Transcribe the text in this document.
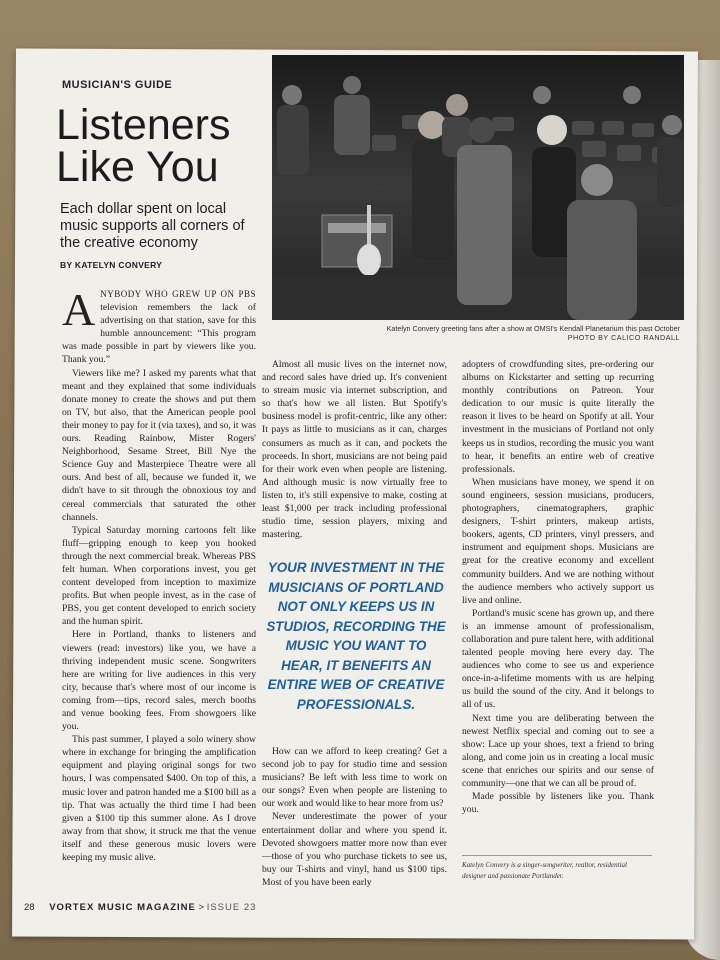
MUSICIAN'S GUIDE
Listeners Like You
Each dollar spent on local music supports all corners of the creative economy
BY KATELYN CONVERY
Katelyn Convery greeting fans after a show at OMSI's Kendall Planetarium this past October
PHOTO BY CALICO RANDALL

ANYBODY WHO GREW UP ON PBS television remembers the lack of advertising on that station, save for this humble announcement: “This program was made possible in part by viewers like you. Thank you.”

Viewers like me? I asked my parents what that meant and they explained that some individuals donate money to create the shows and put them on TV, but also, that the American people pool their money to pay for it (via taxes), and so, it was ours. Reading Rainbow, Mister Rogers' Neighborhood, Sesame Street, Bill Nye the Science Guy and Masterpiece Theatre were all ours. And best of all, because we funded it, we didn't have to sit through the obnoxious toy and cereal commercials that saturated the other channels.

Typical Saturday morning cartoons felt like fluff—gripping enough to keep you hooked through the next commercial break. Whereas PBS felt human. When corporations invest, you get content developed from inception to maximize profits. But when people invest, as in the case of PBS, you get content developed to enrich society and the human spirit.

Here in Portland, thanks to listeners and viewers (read: investors) like you, we have a thriving independent music scene. Songwriters here are writing for live audiences in this very city, because that's where most of our income is coming from—tips, record sales, merch booths and venue booking fees. From showgoers like you.

This past summer, I played a solo winery show where in exchange for bringing the amplification equipment and playing original songs for two hours, I was compensated $400. On top of this, a music lover and patron handed me a $100 bill as a tip. That was actually the third time I had been given a $100 tip this summer alone. As I drove away from that show, it struck me that the venue itself and these generous music lovers were keeping my music alive.

Almost all music lives on the internet now, and record sales have dried up. It's convenient to stream music via internet subscription, and so that's how we all listen. But Spotify's business model is profit-centric, like any other: It pays as little to musicians as it can, charges consumers as much as it can, and pockets the proceeds. In short, musicians are not being paid for their work even when people are listening. And although music is now virtually free to listen to, it's still expensive to make, costing at least $1,000 per track including professional studio time, session players, mixing and mastering.

YOUR INVESTMENT IN THE MUSICIANS OF PORTLAND NOT ONLY KEEPS US IN STUDIOS, RECORDING THE MUSIC YOU WANT TO HEAR, IT BENEFITS AN ENTIRE WEB OF CREATIVE PROFESSIONALS.

How can we afford to keep creating? Get a second job to pay for studio time and session musicians? Be left with less time to work on our songs? Even when people are listening to our work and would like to hear more from us?

Never underestimate the power of your entertainment dollar and where you spend it. Devoted showgoers matter more now than ever—those of you who purchase tickets to see us, buy our T-shirts and vinyl, hand us $100 tips. Most of you have been early

adopters of crowdfunding sites, pre-ordering our albums on Kickstarter and setting up recurring monthly contributions on Patreon. Your dedication to our music is quite literally the reason it lives to be heard on Spotify at all. Your investment in the musicians of Portland not only keeps us in studios, recording the music you want to hear, it benefits an entire web of creative professionals.

When musicians have money, we spend it on sound engineers, session musicians, producers, photographers, cinematographers, graphic designers, T-shirt printers, makeup artists, bookers, agents, CD printers, vinyl pressers, and instrument and equipment shops. Musicians are great for the creative economy and excellent community builders. And we are nothing without the audience members who actively support us live and online.

Portland's music scene has grown up, and there is an immense amount of professionalism, collaboration and pure talent here, with additional talented people moving here every day. The audiences who come to see us and experience once-in-a-lifetime moments with us are helping us build the sound of the city. And it belongs to all of us.

Next time you are deliberating between the newest Netflix special and coming out to see a show: Lace up your shoes, text a friend to bring along, and come join us in creating a local music scene that enriches our spirits and our sense of community—one that we can all be proud of.

Made possible by listeners like you. Thank you.

Katelyn Convery is a singer-songwriter, realtor, residential designer and passionate Portlander.
28 VORTEX MUSIC MAGAZINE > ISSUE 23
